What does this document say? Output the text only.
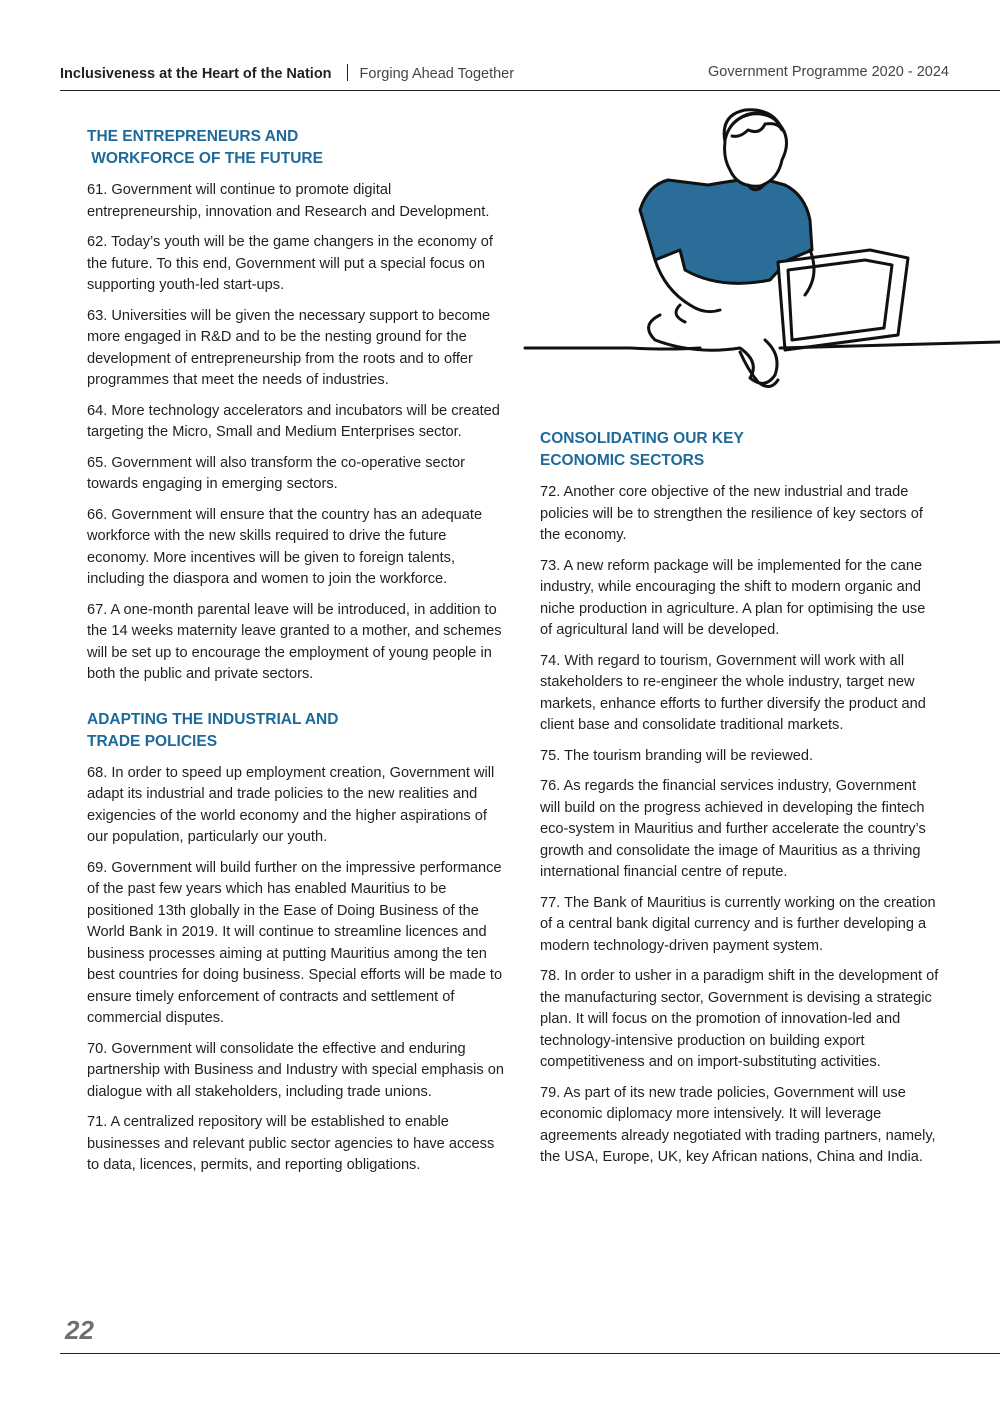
Inclusiveness at the Heart of the Nation Forging Ahead Together	Government Programme 2020 - 2024
THE ENTREPRENEURS AND
WORKFORCE OF THE FUTURE

61. Government will continue to promote digital entrepreneurship, innovation and Research and Development.

62. Today’s youth will be the game changers in the economy of the future. To this end, Government will put a special focus on supporting youth-led start-ups.

63. Universities will be given the necessary support to become more engaged in R&D and to be the nesting ground for the development of entrepreneurship from the roots and to offer programmes that meet the needs of industries.

64. More technology accelerators and incubators will be created targeting the Micro, Small and Medium Enterprises sector.

65. Government will also transform the co-operative sector towards engaging in emerging sectors.

66. Government will ensure that the country has an adequate workforce with the new skills required to drive the future economy. More incentives will be given to foreign talents, including the diaspora and women to join the workforce.

67. A one-month parental leave will be introduced, in addition to the 14 weeks maternity leave granted to a mother, and schemes will be set up to encourage the employment of young people in both the public and private sectors.

ADAPTING THE INDUSTRIAL AND
TRADE POLICIES

68. In order to speed up employment creation, Government will adapt its industrial and trade policies to the new realities and exigencies of the world economy and the higher aspirations of our population, particularly our youth.

69. Government will build further on the impressive performance of the past few years which has enabled Mauritius to be positioned 13th globally in the Ease of Doing Business of the World Bank in 2019. It will continue to streamline licences and business processes aiming at putting Mauritius among the ten best countries for doing business. Special efforts will be made to ensure timely enforcement of contracts and settlement of commercial disputes.

70. Government will consolidate the effective and enduring partnership with Business and Industry with special emphasis on dialogue with all stakeholders, including trade unions.

71. A centralized repository will be established to enable businesses and relevant public sector agencies to have access to data, licences, permits, and reporting obligations.

CONSOLIDATING OUR KEY
ECONOMIC SECTORS

72. Another core objective of the new industrial and trade policies will be to strengthen the resilience of key sectors of the economy.

73. A new reform package will be implemented for the cane industry, while encouraging the shift to modern organic and niche production in agriculture. A plan for optimising the use of agricultural land will be developed.

74. With regard to tourism, Government will work with all stakeholders to re-engineer the whole industry, target new markets, enhance efforts to further diversify the product and client base and consolidate traditional markets.

75. The tourism branding will be reviewed.

76. As regards the financial services industry, Government will build on the progress achieved in developing the fintech eco-system in Mauritius and further accelerate the country’s growth and consolidate the image of Mauritius as a thriving international financial centre of repute.

77. The Bank of Mauritius is currently working on the creation of a central bank digital currency and is further developing a modern technology-driven payment system.

78. In order to usher in a paradigm shift in the development of the manufacturing sector, Government is devising a strategic plan. It will focus on the promotion of innovation-led and technology-intensive production on building export competitiveness and on import-substituting activities.

79. As part of its new trade policies, Government will use economic diplomacy more intensively. It will leverage agreements already negotiated with trading partners, namely, the USA, Europe, UK, key African nations, China and India.

22
